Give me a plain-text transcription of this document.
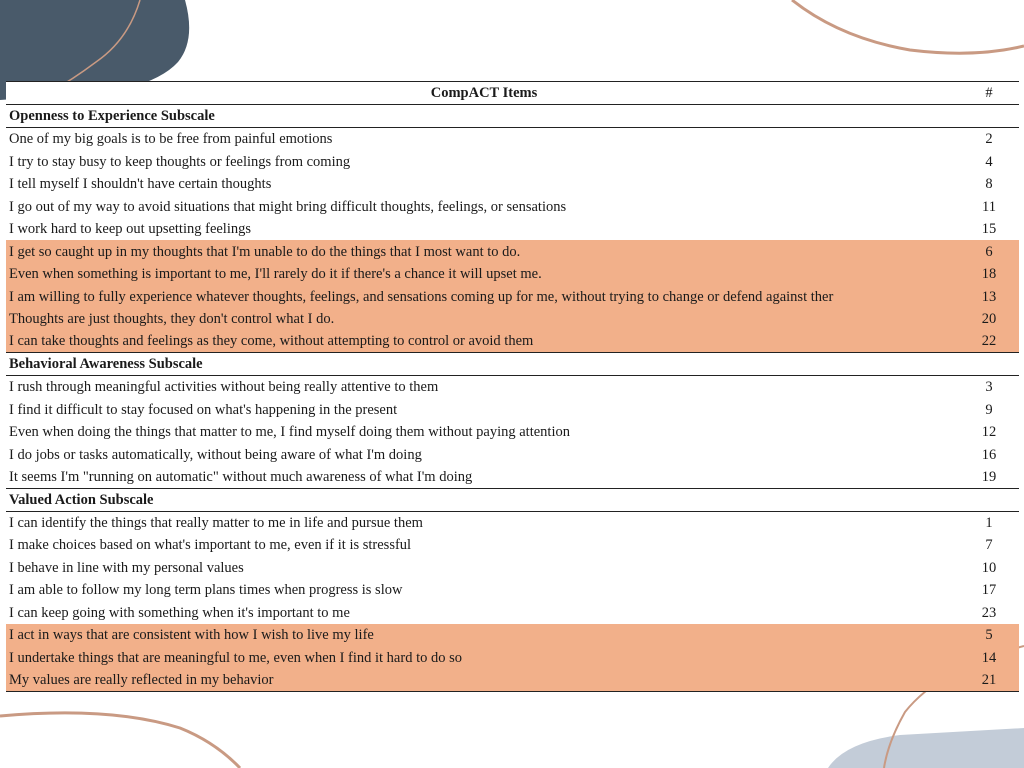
CompACT Items	#
Openness to Experience Subscale	
One of my big goals is to be free from painful emotions	2
I try to stay busy to keep thoughts or feelings from coming	4
I tell myself I shouldn't have certain thoughts	8
I go out of my way to avoid situations that might bring difficult thoughts, feelings, or sensations	11
I work hard to keep out upsetting feelings	15
I get so caught up in my thoughts that I'm unable to do the things that I most want to do.	6
Even when something is important to me, I'll rarely do it if there's a chance it will upset me.	18
I am willing to fully experience whatever thoughts, feelings, and sensations coming up for me, without trying to change or defend against ther	13
Thoughts are just thoughts, they don't control what I do.	20
I can take thoughts and feelings as they come, without attempting to control or avoid them	22
Behavioral Awareness Subscale	
I rush through meaningful activities without being really attentive to them	3
I find it difficult to stay focused on what's happening in the present	9
Even when doing the things that matter to me, I find myself doing them without paying attention	12
I do jobs or tasks automatically, without being aware of what I'm doing	16
It seems I'm "running on automatic" without much awareness of what I'm doing	19
Valued Action Subscale	
I can identify the things that really matter to me in life and pursue them	1
I make choices based on what's important to me, even if it is stressful	7
I behave in line with my personal values	10
I am able to follow my long term plans times when progress is slow	17
I can keep going with something when it's important to me	23
I act in ways that are consistent with how I wish to live my life	5
I undertake things that are meaningful to me, even when I find it hard to do so	14
My values are really reflected in my behavior	21
